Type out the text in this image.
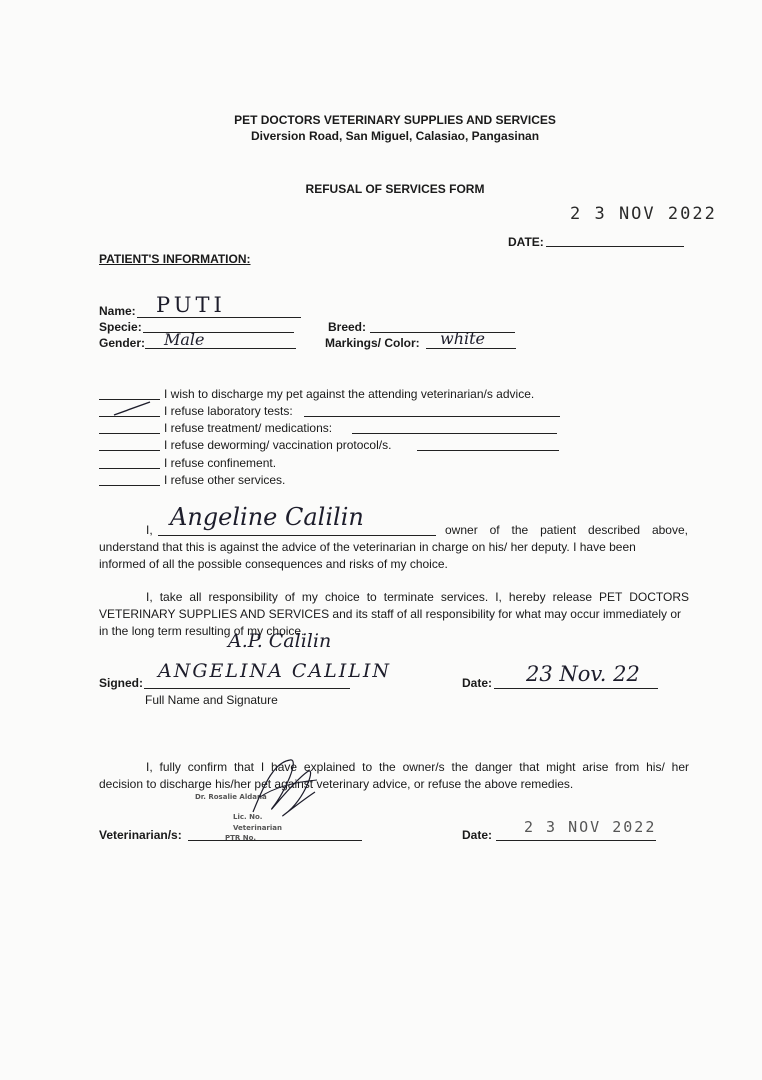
PET DOCTORS VETERINARY SUPPLIES AND SERVICES
Diversion Road, San Miguel, Calasiao, Pangasinan
REFUSAL OF SERVICES FORM
2 3 NOV 2022
DATE:
PATIENT'S INFORMATION:
Name: PUTI
Specie:
Gender: Male
Breed:
Markings/ Color: white
I wish to discharge my pet against the attending veterinarian/s advice.
I refuse laboratory tests:
I refuse treatment/ medications:
I refuse deworming/ vaccination protocol/s.
I refuse confinement.
I refuse other services.
I, Angeline Calilin	owner of the patient described above,
understand that this is against the advice of the veterinarian in charge on his/ her deputy. I have been
informed of all the possible consequences and risks of my choice.
I, take all responsibility of my choice to terminate services. I, hereby release PET DOCTORS
VETERINARY SUPPLIES AND SERVICES and its staff of all responsibility for what may occur immediately or
in the long term resulting of my choice.
A.P. Calilin
Signed:
ANGELINA CALILIN
Full Name and Signature
Date: 23 Nov. 22
I, fully confirm that I have explained to the owner/s the danger that might arise from his/ her
decision to discharge his/her pet against veterinary advice, or refuse the above remedies.
Dr. Rosalie Aldana
Lic. No.
Veterinarian
PTR No.
Veterinarian/s:	Date: 2 3 NOV 2022
